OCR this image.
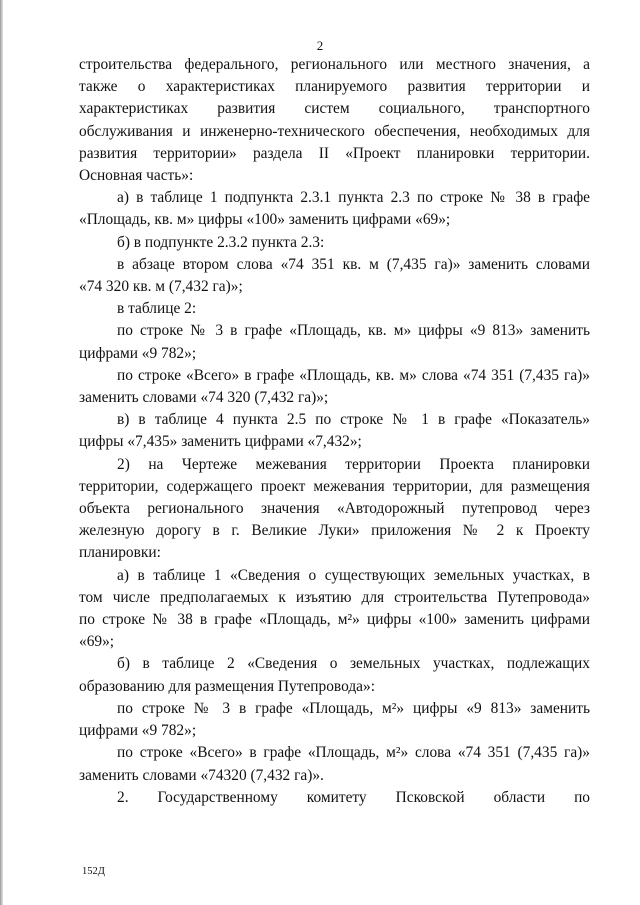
2

строительства федерального, регионального или местного значения, а

также о характеристиках планируемого развития территории и

характеристиках развития систем социального, транспортного

обслуживания и инженерно-технического обеспечения, необходимых для

развития территории» раздела II «Проект планировки территории.

Основная часть»:

а) в таблице 1 подпункта 2.3.1 пункта 2.3 по строке № 38 в графе

«Площадь, кв. м» цифры «100» заменить цифрами «69»;

б) в подпункте 2.3.2 пункта 2.3:

в абзаце втором слова «74 351 кв. м (7,435 га)» заменить словами

«74 320 кв. м (7,432 га)»;

в таблице 2:

по строке № 3 в графе «Площадь, кв. м» цифры «9 813» заменить

цифрами «9 782»;

по строке «Всего» в графе «Площадь, кв. м» слова «74 351 (7,435 га)»

заменить словами «74 320 (7,432 га)»;

в) в таблице 4 пункта 2.5 по строке № 1 в графе «Показатель»

цифры «7,435» заменить цифрами «7,432»;

2) на Чертеже межевания территории Проекта планировки

территории, содержащего проект межевания территории, для размещения

объекта регионального значения «Автодорожный путепровод через

железную дорогу в г. Великие Луки» приложения № 2 к Проекту

планировки:

а) в таблице 1 «Сведения о существующих земельных участках, в

том числе предполагаемых к изъятию для строительства Путепровода»

по строке № 38 в графе «Площадь, м²» цифры «100» заменить цифрами

«69»;

б) в таблице 2 «Сведения о земельных участках, подлежащих

образованию для размещения Путепровода»:

по строке № 3 в графе «Площадь, м²» цифры «9 813» заменить

цифрами «9 782»;

по строке «Всего» в графе «Площадь, м²» слова «74 351 (7,435 га)»

заменить словами «74320 (7,432 га)».

2. Государственному комитету Псковской области по

152Д
